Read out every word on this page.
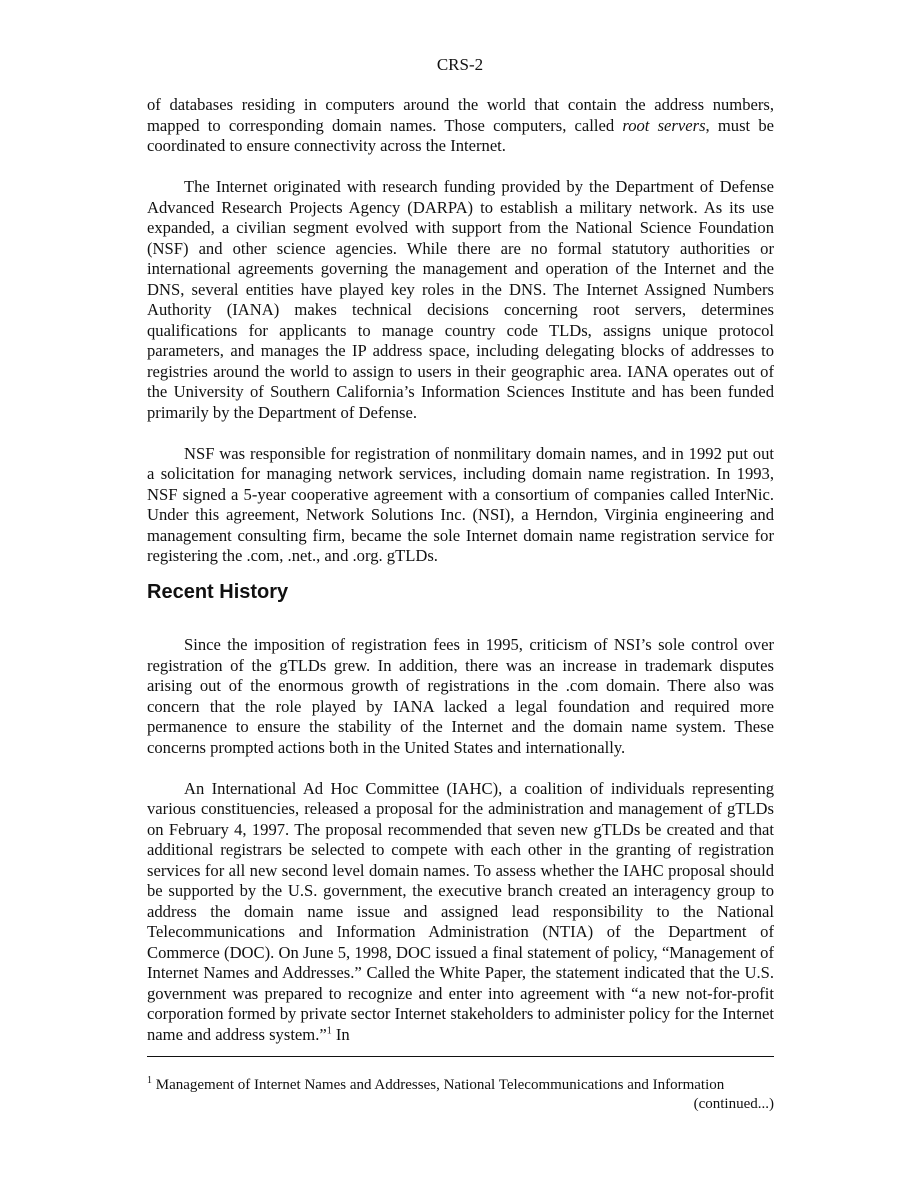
CRS-2

of databases residing in computers around the world that contain the address numbers, mapped to corresponding domain names. Those computers, called root servers, must be coordinated to ensure connectivity across the Internet.

The Internet originated with research funding provided by the Department of Defense Advanced Research Projects Agency (DARPA) to establish a military network. As its use expanded, a civilian segment evolved with support from the National Science Foundation (NSF) and other science agencies. While there are no formal statutory authorities or international agreements governing the management and operation of the Internet and the DNS, several entities have played key roles in the DNS. The Internet Assigned Numbers Authority (IANA) makes technical decisions concerning root servers, determines qualifications for applicants to manage country code TLDs, assigns unique protocol parameters, and manages the IP address space, including delegating blocks of addresses to registries around the world to assign to users in their geographic area. IANA operates out of the University of Southern California’s Information Sciences Institute and has been funded primarily by the Department of Defense.

NSF was responsible for registration of nonmilitary domain names, and in 1992 put out a solicitation for managing network services, including domain name registration. In 1993, NSF signed a 5-year cooperative agreement with a consortium of companies called InterNic. Under this agreement, Network Solutions Inc. (NSI), a Herndon, Virginia engineering and management consulting firm, became the sole Internet domain name registration service for registering the .com, .net., and .org. gTLDs.

Recent History

Since the imposition of registration fees in 1995, criticism of NSI’s sole control over registration of the gTLDs grew. In addition, there was an increase in trademark disputes arising out of the enormous growth of registrations in the .com domain. There also was concern that the role played by IANA lacked a legal foundation and required more permanence to ensure the stability of the Internet and the domain name system. These concerns prompted actions both in the United States and internationally.

An International Ad Hoc Committee (IAHC), a coalition of individuals representing various constituencies, released a proposal for the administration and management of gTLDs on February 4, 1997. The proposal recommended that seven new gTLDs be created and that additional registrars be selected to compete with each other in the granting of registration services for all new second level domain names. To assess whether the IAHC proposal should be supported by the U.S. government, the executive branch created an interagency group to address the domain name issue and assigned lead responsibility to the National Telecommunications and Information Administration (NTIA) of the Department of Commerce (DOC). On June 5, 1998, DOC issued a final statement of policy, “Management of Internet Names and Addresses.” Called the White Paper, the statement indicated that the U.S. government was prepared to recognize and enter into agreement with “a new not-for-profit corporation formed by private sector Internet stakeholders to administer policy for the Internet name and address system.”$^1$ In

$^1$ Management of Internet Names and Addresses, National Telecommunications and Information
(continued...)
